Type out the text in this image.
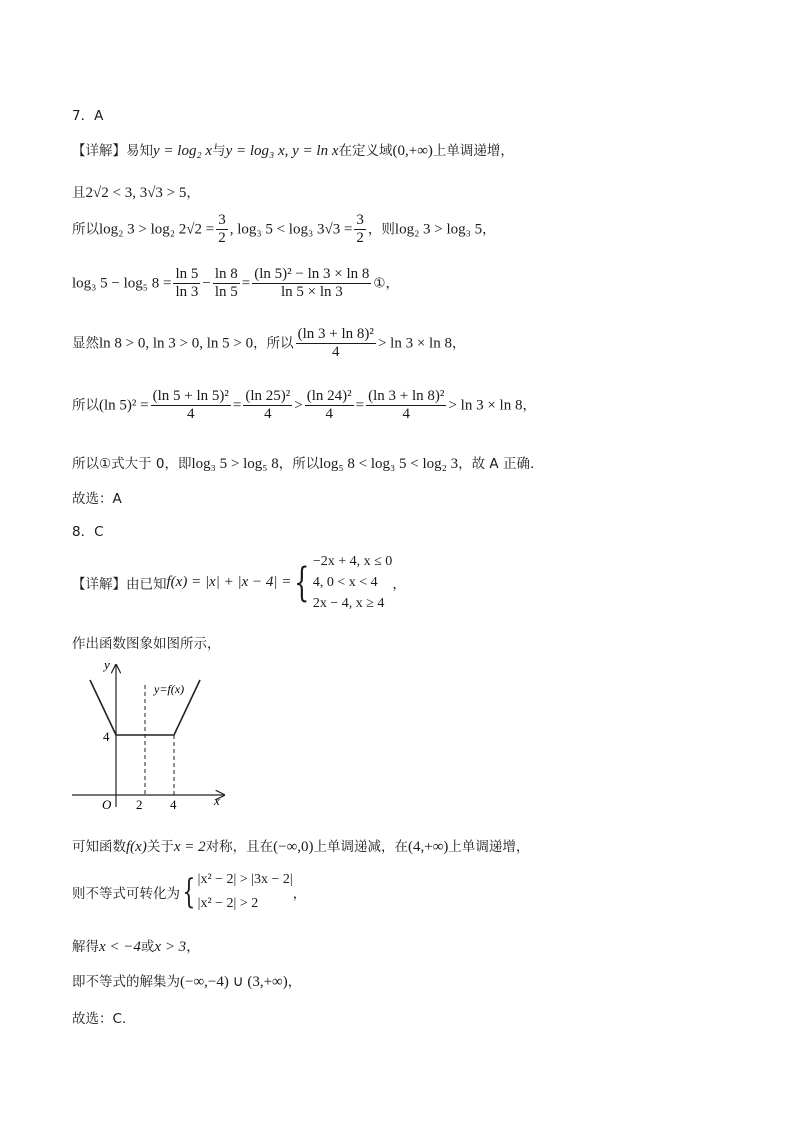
7．A
【详解】易知y = log₂ x与y = log₃ x, y = ln x在定义域(0,+∞)上单调递增，
且2√2 < 3, 3√3 > 5，
所以log₂ 3 > log₂ $2√2 = \frac{3}{2}$ , log₃ 5 < log₃ $3√3 = \frac{3}{2}$ ，则log₂ 3 > log₃ 5，
log₃ 5 − log₅ $8 = \frac{\ln 5}{\ln 3} - \frac{\ln 8}{\ln 5} = \frac{\text{(ln 5)² − ln 3 × ln 8}}{\ln 5 \times \ln 3}$ ①，
显然ln 8 > 0, ln 3 > 0, ln 5 > 0，所以 $\frac{\text{(ln 3 + ln 8)²}}{4} > \ln 3 \times \ln 8$，
所以(ln $5)^2 = \frac{\text{(ln 5 + ln 5)²}}{4} = \frac{\text{(ln 25)²}}{4} > \frac{\text{(ln 24)²}}{4} = \frac{\text{(ln 3 + ln 8)²}}{4} > \ln 3 \times \ln 8$，
所以①式大于 0，即log₃ 5 > log₅ 8，所以log₅ 8 < log₃ 5 < log₂ 3，故 A 正确.
故选：A
8．C
【详解】由已知f(x) = |x| + |x − 4| ={ −2x + 4, x ≤ 0
4, 0 < x < 4
2x − 4, x ≥ 4
，
作出函数图象如图所示，
y
x
O
y=f(x)
4
2 4
可知函数f(x)关于x = 2对称，且在(−∞,0)上单调递减，在(4,+∞)上单调递增，
则不等式可转化为{ |x² − 2| > |3x − 2|
|x² − 2| > 2
，
解得x < −4或x > 3，
即不等式的解集为(−∞,−4) ∪ (3,+∞)，
故选：C.
